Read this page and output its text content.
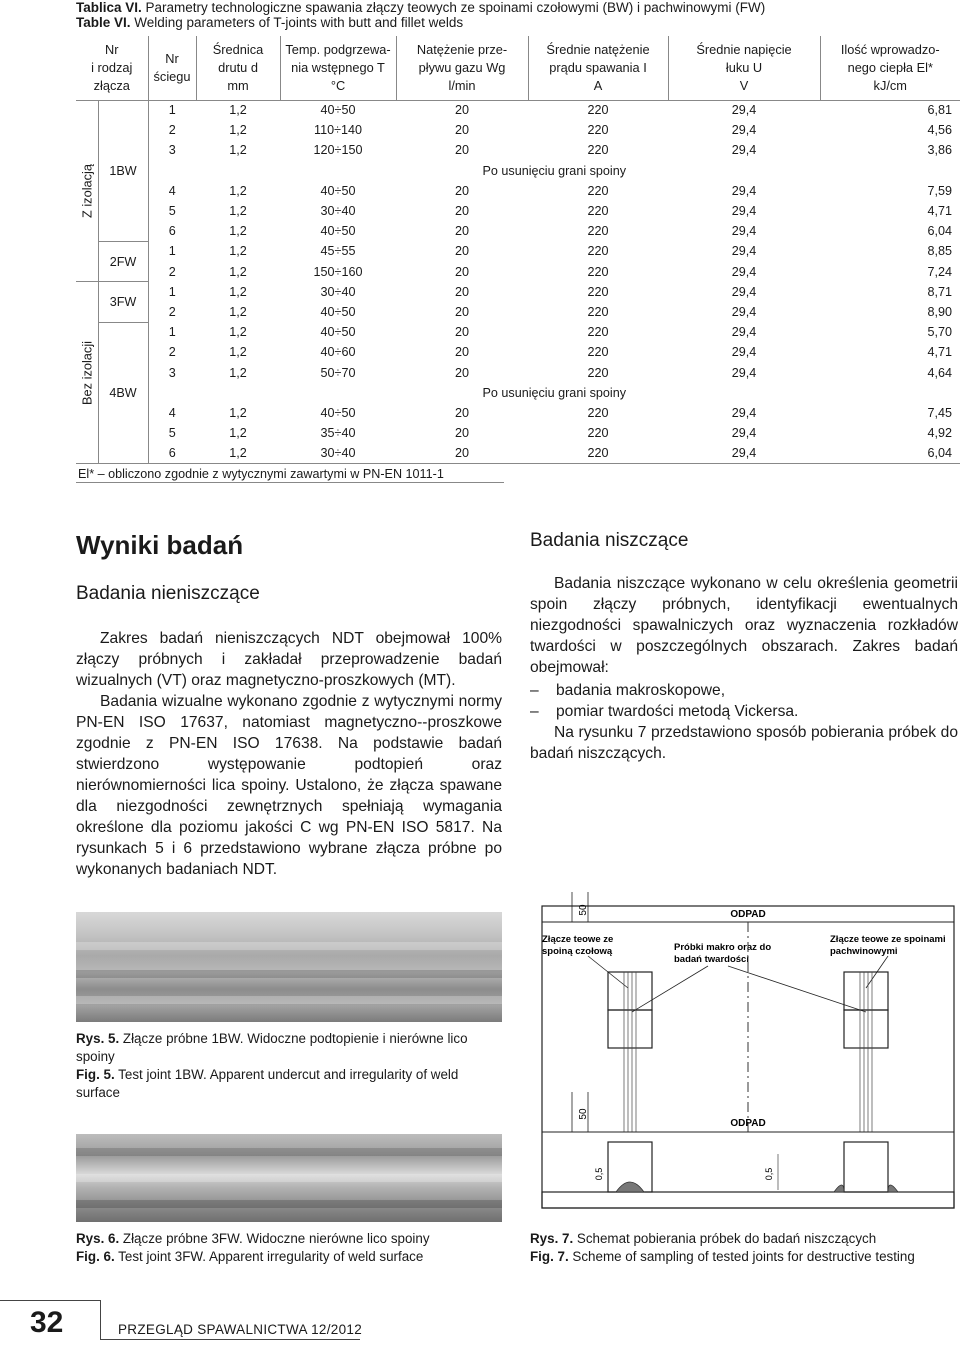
Tablica VI. Parametry technologiczne spawania złączy teowych ze spoinami czołowymi (BW) i pachwinowymi (FW)
Table VI. Welding parameters of T-joints with butt and fillet welds
Nr
i rodzaj
złącza		Nr
ściegu	Średnica
drutu d
mm	Temp. podgrzewa-
nia wstępnego T
°C	Natężenie prze-
pływu gazu Wg
l/min	Średnie natężenie
prądu spawania I
A	Średnie napięcie
łuku U
V	Ilość wprowadzo-
nego ciepła El*
kJ/cm

Z izolacją	1BW	1	1,2	40÷50	20	220	29,4	6,81
		2	1,2	110÷140	20	220	29,4	4,56
		3	1,2	120÷150	20	220	29,4	3,86
		Po usunięciu grani spoiny						
		4	1,2	40÷50	20	220	29,4	7,59
		5	1,2	30÷40	20	220	29,4	4,71
		6	1,2	40÷50	20	220	29,4	6,04
	2FW	1	1,2	45÷55	20	220	29,4	8,85
		2	1,2	150÷160	20	220	29,4	7,24

Bez izolacji	3FW	1	1,2	30÷40	20	220	29,4	8,71
		2	1,2	40÷50	20	220	29,4	8,90
	4BW	1	1,2	40÷50	20	220	29,4	5,70
		2	1,2	40÷60	20	220	29,4	4,71
		3	1,2	50÷70	20	220	29,4	4,64
		Po usunięciu grani spoiny						
		4	1,2	40÷50	20	220	29,4	7,45
		5	1,2	35÷40	20	220	29,4	4,92
		6	1,2	30÷40	20	220	29,4	6,04
El* – obliczono zgodnie z wytycznymi zawartymi w PN-EN 1011-1								
Wyniki badań
Badania nieniszczące

Zakres badań nieniszczących NDT obejmował 100% złączy próbnych i zakładał przeprowadzenie badań wizualnych (VT) oraz magnetyczno-proszkowych (MT).

Badania wizualne wykonano zgodnie z wytycznymi normy PN-EN ISO 17637, natomiast magnetyczno--proszkowe zgodnie z PN-EN ISO 17638. Na podstawie badań stwierdzono występowanie podtopień oraz nierównomierności lica spoiny. Ustalono, że złącza spawane dla niezgodności zewnętrznych spełniają wymagania określone dla poziomu jakości C wg PN-EN ISO 5817. Na rysunkach 5 i 6 przedstawiono wybrane złącza próbne po wykonanych badaniach NDT.

Badania niszczące

Badania niszczące wykonano w celu określenia geometrii spoin złączy próbnych, identyfikacji ewentualnych niezgodności spawalniczych oraz wyznaczenia rozkładów twardości w poszczególnych obszarach. Zakres badań obejmował:

– badania makroskopowe,
– pomiar twardości metodą Vickersa.

Na rysunku 7 przedstawiono sposób pobierania próbek do badań niszczących.

Rys. 5. Złącze próbne 1BW. Widoczne podtopienie i nierówne lico spoiny
Fig. 5. Test joint 1BW. Apparent undercut and irregularity of weld surface
Rys. 6. Złącze próbne 3FW. Widoczne nierówne lico spoiny
Fig. 6. Test joint 3FW. Apparent irregularity of weld surface
ODPAD
50
Złącze teowe ze
spoiną czołową	Próbki makro oraz do
badań twardości
Złącze teowe ze spoinami
pachwinowymi
ODPAD
50
0,5	0,5
Rys. 7. Schemat pobierania próbek do badań niszczących
Fig. 7. Scheme of sampling of tested joints for destructive testing
32	PRZEGLĄD SPAWALNICTWA 12/2012
